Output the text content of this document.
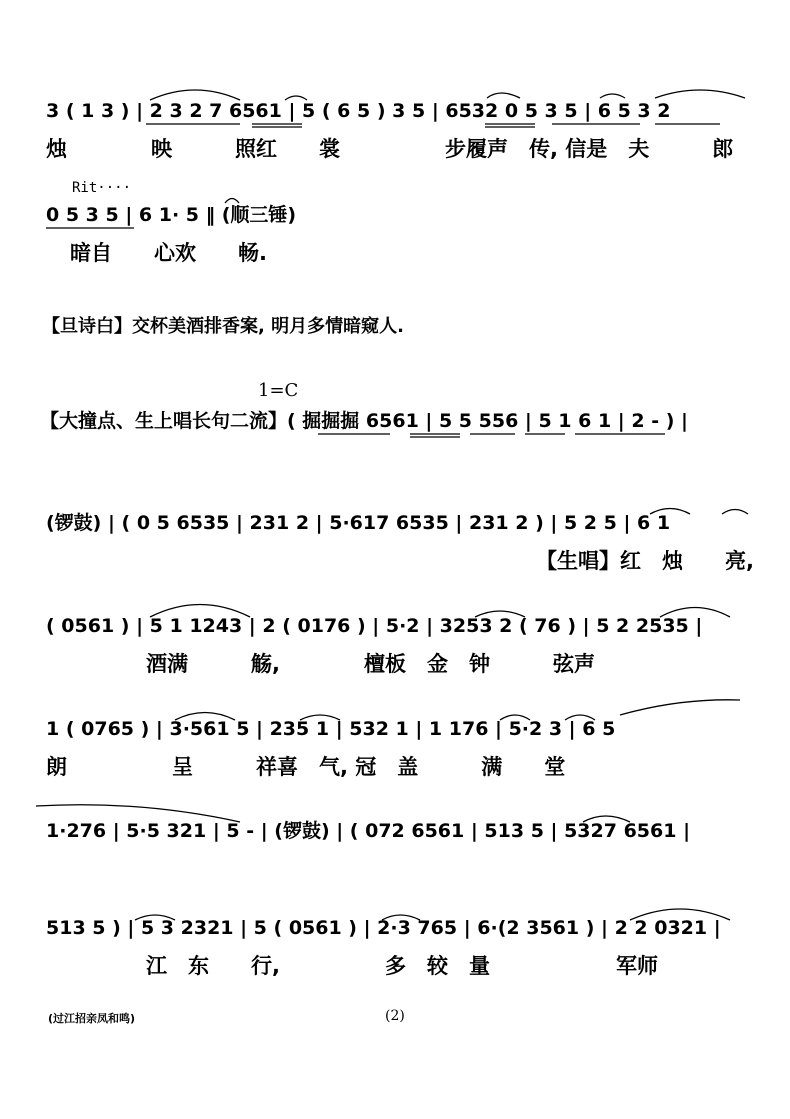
3 ( 1 3 ) | 2 3 2 7 6561 | 5 ( 6 5 ) 3 5 | 6532 0 5 3 5 | 6 5 3 2
烛　　　　映　　　照红　　裳　　　　　步履声　传, 信是　夫　　　郎
Rit····
0 5 3 5 | 6 1· 5 ‖ (顺三锤)
暗自　　心欢　　畅.
【旦诗白】交杯美酒排香案, 明月多情暗窥人.
1=C
【大撞点、生上唱长句二流】( 掘掘掘 6561 | 5 5 556 | 5 1 6 1 | 2 - ) |
(锣鼓) | ( 0 5 6535 | 231 2 | 5·617 6535 | 231 2 ) | 5 2 5 | 6 1
【生唱】红　烛　　亮,
( 0561 ) | 5 1 1243 | 2 ( 0176 ) | 5·2 | 3253 2 ( 76 ) | 5 2 2535 |
酒满　　　觞,　　　　檀板　金　钟　　　弦声
1 ( 0765 ) | 3·561 5 | 235 1 | 532 1 | 1 176 | 5·2 3 | 6 5
朗　　　　　呈　　　祥喜　气, 冠　盖　　　满　　堂
1·276 | 5·5 321 | 5 - | (锣鼓) | ( 072 6561 | 513 5 | 5327 6561 |
513 5 ) | 5 3 2321 | 5 ( 0561 ) | 2·3 765 | 6·(2 3561 ) | 2 2 0321 |
江　东　　行,　　　　　多　较　量　　　　　　军师
(过江招亲凤和鸣)	(2)
